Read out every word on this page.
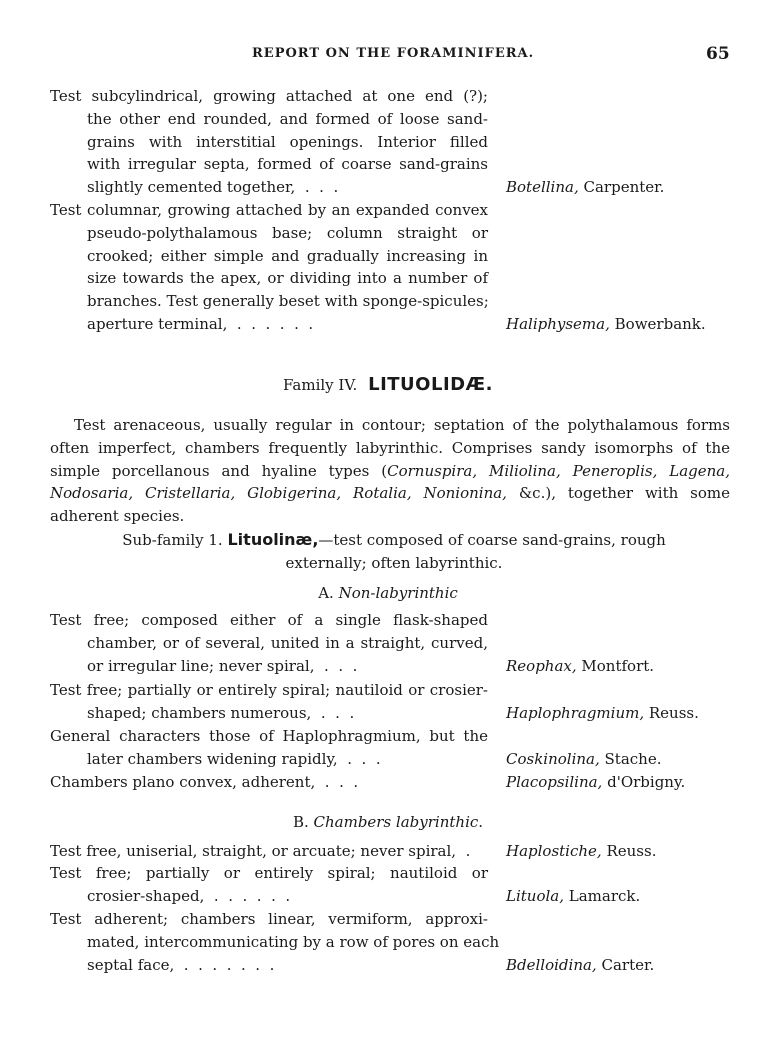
REPORT ON THE FORAMINIFERA.	65
Test subcylindrical, growing attached at one end (?);
the other end rounded, and formed of loose sand-
grains with interstitial openings. Interior filled
with irregular septa, formed of coarse sand-grains
slightly cemented together,  .  .  .	Botellina, Carpenter.
Test columnar, growing attached by an expanded convex
pseudo-polythalamous base; column straight or
crooked; either simple and gradually increasing in
size towards the apex, or dividing into a number of
branches. Test generally beset with sponge-spicules;
aperture terminal,  .  .  .  .  .  .	Haliphysema, Bowerbank.
Family IV. LITUOLIDÆ.
Test arenaceous, usually regular in contour; septation of the polythalamous forms often imperfect, chambers frequently labyrinthic. Comprises sandy isomorphs of the simple porcellanous and hyaline types (Cornuspira, Miliolina, Peneroplis, Lagena, Nodosaria, Cristellaria, Globigerina, Rotalia, Nonionina, &c.), together with some adherent species.
Sub-family 1. Lituolinæ,—test composed of coarse sand-grains, rough
externally; often labyrinthic.
A. Non-labyrinthic
Test free; composed either of a single flask-shaped
chamber, or of several, united in a straight, curved,
or irregular line; never spiral,  .  .  .	Reophax, Montfort.
Test free; partially or entirely spiral; nautiloid or crosier-
shaped; chambers numerous,  .  .  .	Haplophragmium, Reuss.
General characters those of Haplophragmium, but the
later chambers widening rapidly,  .  .  .	Coskinolina, Stache.
Chambers plano convex, adherent,  .  .  .	Placopsilina, d'Orbigny.
B. Chambers labyrinthic.
Test free, uniserial, straight, or arcuate; never spiral,  .	Haplostiche, Reuss.
Test free; partially or entirely spiral; nautiloid or
crosier-shaped,  .  .  .  .  .  .	Lituola, Lamarck.
Test adherent; chambers linear, vermiform, approxi-
mated, intercommunicating by a row of pores on each
septal face,  .  .  .  .  .  .  .	Bdelloidina, Carter.
